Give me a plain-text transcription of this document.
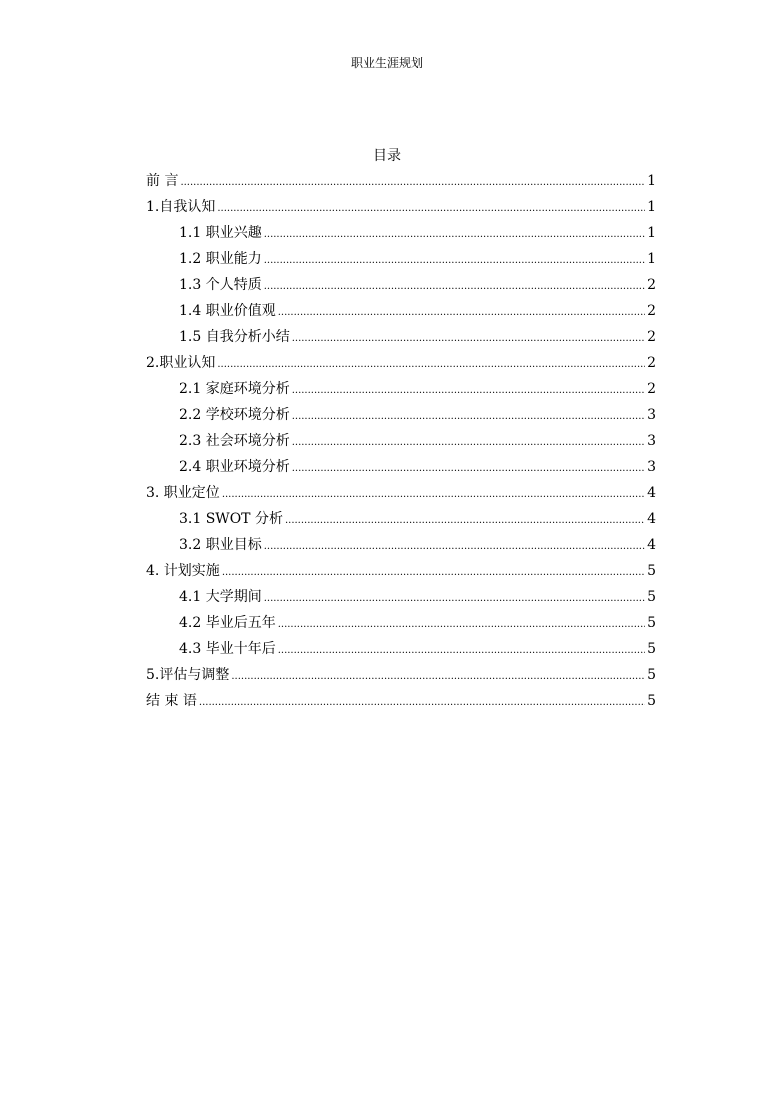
职业生涯规划
目录
前 言 .....	1
1.自我认知 .....	1
1.1 职业兴趣 .....	1
1.2 职业能力 .....	1
1.3 个人特质 .....	2
1.4 职业价值观 .....	2
1.5 自我分析小结 .....	2
2.职业认知 .....	2
2.1 家庭环境分析 .....	2
2.2 学校环境分析 .....	3
2.3 社会环境分析 .....	3
2.4 职业环境分析 .....	3
3. 职业定位 .....	4
3.1 SWOT 分析 .....	4
3.2 职业目标 .....	4
4. 计划实施 .....	5
4.1 大学期间 .....	5
4.2 毕业后五年 .....	5
4.3 毕业十年后 .....	5
5.评估与调整 .....	5
结 束 语 .....	5
